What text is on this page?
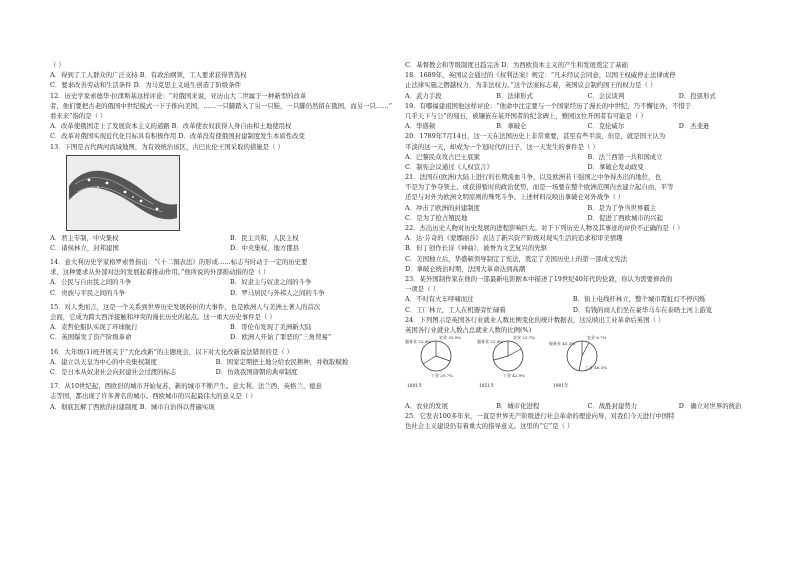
（ ）
A．得到了工人群众的广泛支持 B．有政治纲领，工人要求获得普选权
C．要求改善劳动和生活条件 D．为马克思主义诞生创造了阶级条件
12．历史学家索德华·拉津斯基这样评论：“对俄国来说，亚历山大二世属于一种新型的改革
者，他们要把古老的俄国中世纪模式一下子推向美国，……一只脚踏入了另一只鞋，一只脚仍然留在俄国，而另一只……”
看来来”指的是（ ）
A．改革使俄国走上了发展资本主义的道路 B．改革使农奴获得人身自由和土地使用权
C．改革对俄国实现近代化目标具有积极作用 D．改革没有使俄国封建制度发生本质性改变
13．下图是古代两河流域地图，为有效统治该区，古巴比伦王国采取的措施是（ ）
A．君主专制，中央集权	B．民主共和，人民主权
C．诸侯林立，封邦建国	D．中央集权，地方郡县
14．意大利历史学家格罗索曾指出：“《十二铜表法》的形成……标志当时动于一定的历史要
求，这种要求从外部对法的发展起着推动作用。”他所说的外部推动指的是（ ）
A．公民与自由民之间的斗争	B．奴隶主与奴隶之间的斗争
C．贵族与平民之间的斗争	D．罗马居民与外邦人之间的斗争
15．对人类而言，这是一个关系到世界历史发展转折的大事件，也是欧洲人与美洲土著人的首次
会面，它成为跨大西洋接触和冲突的漫长历史的起点。这一重大历史事件是（ ）
A．麦哲伦船队实现了环球航行	B．哥伦布发现了美洲新大陆
C．英国爆发了资产阶级革命	D．欧洲人开始了罪恶的“三角贸易”
16．大年级(1)班开展关于“大化改新”的主题班会，以下对大化改新说法错误的是（ ）
A．建立以天皇为中心的中央集权制度	B．国家定期把土地分给农民耕种，并收取赋税
C．是日本从奴隶社会向封建社会过渡的标志	D．仿效我国唐朝的典章制度
17．从10世纪起，西欧旧的城市开始复苏，新的城市不断产生。意大利、法兰西、英格兰、德意
志等国，都出现了许多著名的城市。西欧城市的兴起最伟大的意义是（ ）
A．彻底瓦解了西欧的封建制度 B．城市自治得以普遍实现
C．基督教会和等级制度日趋完善 D．为西欧资本主义的产生和发展奠定了基础
18．1689年，英国议会通过的《权利法案》规定：“凡未经议会同意，以国王权威停止法律或停
止法律实施之僭越权力，为非法权力。”这个法案标志着，英国议会制约国王的权力是（ ）
A．武力手段	B．法律形式	C．会议谈判	D．投票形式
19．有哪福建祖国他这样评论：“他命中注定要与一个国家经历了漫长的中世纪，乃不懈往外，不惜于
几乎天下与公”的刻石，被镶嵌在某开国者的纪念碑上，雅园这位开国者有可能是（ ）
A．华盛顿	B．拿破仑	C．克伦威尔	D．杰斐逊
20．1789年7月14日，这一天在法国历史上非常重要，甚至有些平淡，但是，就是国王认为
平淡的这一天，却成为一个划时代的日子，这一天发生的事件是（ ）
A．巴黎民众攻占巴士底狱	B．法兰西第一共和国成立
C．制宪会议通过《人权宣言》	D．拿破仑发动政变
21．法国在(欧洲)大陆上进行的长期流血斗争，以及欧洲若干强国之中争得杰出的地位，也
不是为了争夺领土，或获得暂时的政治优势，而是一场要在整个欧洲范围内去建立起自由、平等
还是与对外为欧洲文明原则的殊死斗争。上述材料反映出拿破仑对外战争（ ）
A．冲击了欧洲的封建制度	B．是为了争当世界霸主
C．是为了抢占殖民地	D．促进了西欧城市的兴起
22．杰出历史人物对历史发展的进程影响巨大。对于下列历史人物及其事迹的评价不正确的是（ ）
A．达·芬奇的《蒙娜丽莎》表达了新兴资产阶级对现实生活的追求和审美情趣
B．但丁创作长诗《神曲》，被誉为文艺复兴的先驱
C．美国独立后，华盛顿领导制定了宪法，奠定了美国历史上的第一部成文宪法
D．拿破仑统治时期，法国大革命达到高潮
23．某外国制作家在他的一部最新电影剧本中描述了19世纪40年代的伦敦，你认为需要修改的
一项是（ ）
A．不时有火车呼啸而过	B．街上电线杆林立，整个城市霓虹灯不停闪烁
C．工厂林立，工人在机器旁忙碌着	D．有钱的商人们坐在豪华马车在泰晤士河上游览
24．下列图示是英国各行业就业人数比例变化的统计数据表，这反映出工业革命后英国（ ）
英国各行业就业人数占总就业人数的比例(%)
服务业 23.4%
农业 35.9%
工业 29.7%
1801年
服务业 21.4%
农业 21.7%
工业 42.9%
1851年
服务业 45.3%
农业 8.7%
工业 46.3%
1901年
A．农业的发展	B．城市化进程	C．战胜封建势力	D．确立对世界的统治
25．它发表100多年来，一直是世界无产阶级进行社会革命的理论向导，对我们今天进行中国特
色社会主义建设仍有着重大的指导意义。这里的“它”是（ ）
